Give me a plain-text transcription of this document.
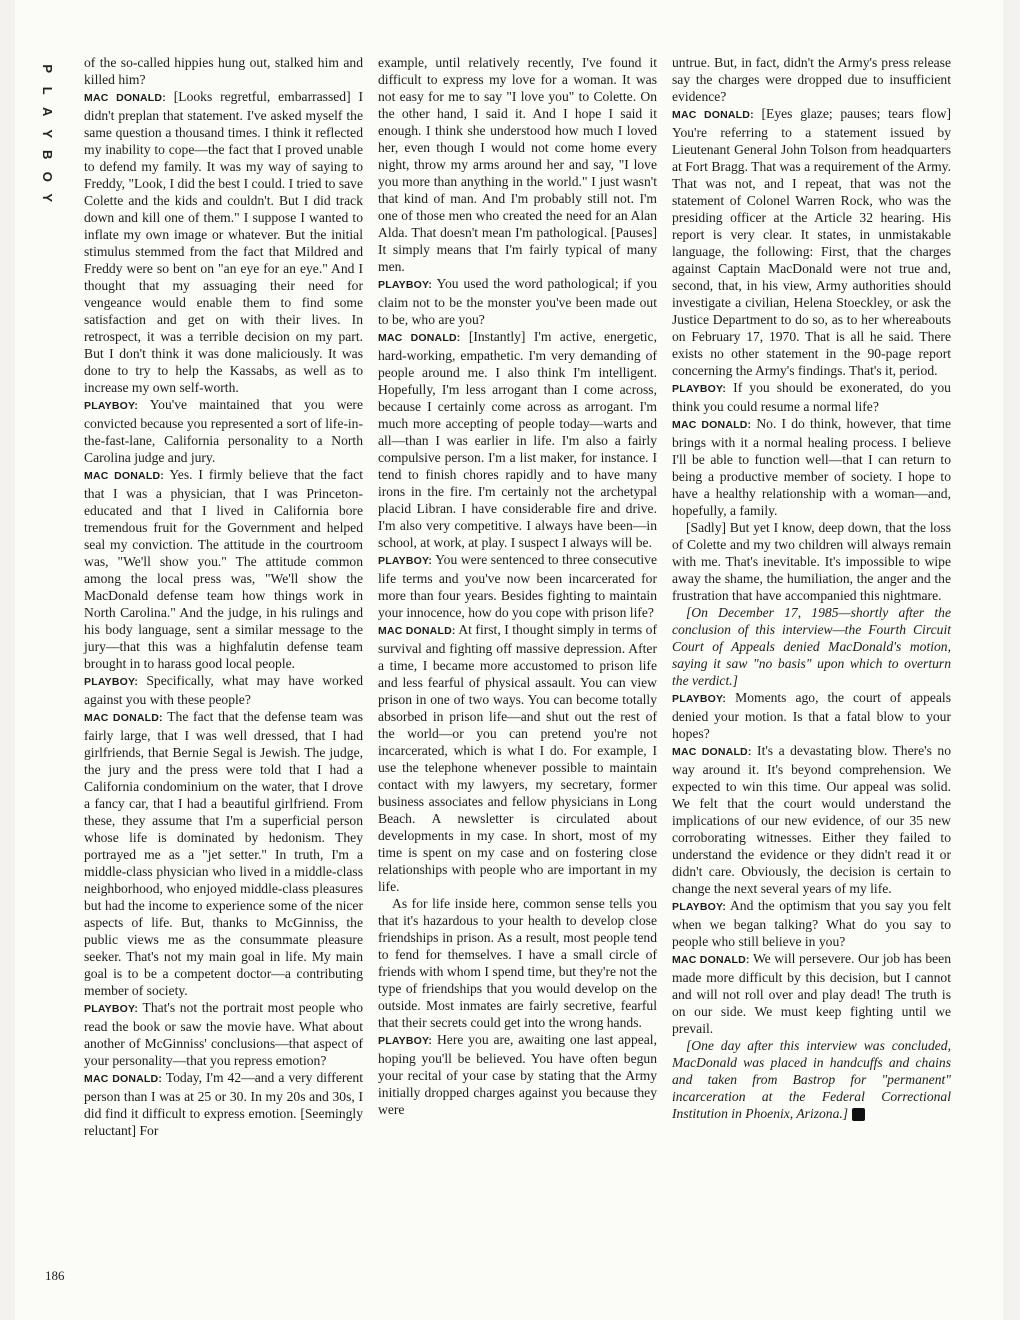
P
L
A
Y
B
O
Y

of the so-called hippies hung out, stalked him and killed him?

MAC DONALD: [Looks regretful, embarrassed] I didn't preplan that statement. I've asked myself the same question a thousand times. I think it reflected my inability to cope—the fact that I proved unable to defend my family. It was my way of saying to Freddy, "Look, I did the best I could. I tried to save Colette and the kids and couldn't. But I did track down and kill one of them." I suppose I wanted to inflate my own image or whatever. But the initial stimulus stemmed from the fact that Mildred and Freddy were so bent on "an eye for an eye." And I thought that my assuaging their need for vengeance would enable them to find some satisfaction and get on with their lives. In retrospect, it was a terrible decision on my part. But I don't think it was done maliciously. It was done to try to help the Kassabs, as well as to increase my own self-worth.

PLAYBOY: You've maintained that you were convicted because you represented a sort of life-in-the-fast-lane, California personality to a North Carolina judge and jury.

MAC DONALD: Yes. I firmly believe that the fact that I was a physician, that I was Princeton-educated and that I lived in California bore tremendous fruit for the Government and helped seal my conviction. The attitude in the courtroom was, "We'll show you." The attitude common among the local press was, "We'll show the MacDonald defense team how things work in North Carolina." And the judge, in his rulings and his body language, sent a similar message to the jury—that this was a highfalutin defense team brought in to harass good local people.

PLAYBOY: Specifically, what may have worked against you with these people?

MAC DONALD: The fact that the defense team was fairly large, that I was well dressed, that I had girlfriends, that Bernie Segal is Jewish. The judge, the jury and the press were told that I had a California condominium on the water, that I drove a fancy car, that I had a beautiful girlfriend. From these, they assume that I'm a superficial person whose life is dominated by hedonism. They portrayed me as a "jet setter." In truth, I'm a middle-class physician who lived in a middle-class neighborhood, who enjoyed middle-class pleasures but had the income to experience some of the nicer aspects of life. But, thanks to McGinniss, the public views me as the consummate pleasure seeker. That's not my main goal in life. My main goal is to be a competent doctor—a contributing member of society.

PLAYBOY: That's not the portrait most people who read the book or saw the movie have. What about another of McGinniss' conclusions—that aspect of your personality—that you repress emotion?

MAC DONALD: Today, I'm 42—and a very different person than I was at 25 or 30. In my 20s and 30s, I did find it difficult to express emotion. [Seemingly reluctant] For

example, until relatively recently, I've found it difficult to express my love for a woman. It was not easy for me to say "I love you" to Colette. On the other hand, I said it. And I hope I said it enough. I think she understood how much I loved her, even though I would not come home every night, throw my arms around her and say, "I love you more than anything in the world." I just wasn't that kind of man. And I'm probably still not. I'm one of those men who created the need for an Alan Alda. That doesn't mean I'm pathological. [Pauses] It simply means that I'm fairly typical of many men.

PLAYBOY: You used the word pathological; if you claim not to be the monster you've been made out to be, who are you?

MAC DONALD: [Instantly] I'm active, energetic, hard-working, empathetic. I'm very demanding of people around me. I also think I'm intelligent. Hopefully, I'm less arrogant than I come across, because I certainly come across as arrogant. I'm much more accepting of people today—warts and all—than I was earlier in life. I'm also a fairly compulsive person. I'm a list maker, for instance. I tend to finish chores rapidly and to have many irons in the fire. I'm certainly not the archetypal placid Libran. I have considerable fire and drive. I'm also very competitive. I always have been—in school, at work, at play. I suspect I always will be.

PLAYBOY: You were sentenced to three consecutive life terms and you've now been incarcerated for more than four years. Besides fighting to maintain your innocence, how do you cope with prison life?

MAC DONALD: At first, I thought simply in terms of survival and fighting off massive depression. After a time, I became more accustomed to prison life and less fearful of physical assault. You can view prison in one of two ways. You can become totally absorbed in prison life—and shut out the rest of the world—or you can pretend you're not incarcerated, which is what I do. For example, I use the telephone whenever possible to maintain contact with my lawyers, my secretary, former business associates and fellow physicians in Long Beach. A newsletter is circulated about developments in my case. In short, most of my time is spent on my case and on fostering close relationships with people who are important in my life.

As for life inside here, common sense tells you that it's hazardous to your health to develop close friendships in prison. As a result, most people tend to fend for themselves. I have a small circle of friends with whom I spend time, but they're not the type of friendships that you would develop on the outside. Most inmates are fairly secretive, fearful that their secrets could get into the wrong hands.

PLAYBOY: Here you are, awaiting one last appeal, hoping you'll be believed. You have often begun your recital of your case by stating that the Army initially dropped charges against you because they were

untrue. But, in fact, didn't the Army's press release say the charges were dropped due to insufficient evidence?

MAC DONALD: [Eyes glaze; pauses; tears flow] You're referring to a statement issued by Lieutenant General John Tolson from headquarters at Fort Bragg. That was a requirement of the Army. That was not, and I repeat, that was not the statement of Colonel Warren Rock, who was the presiding officer at the Article 32 hearing. His report is very clear. It states, in unmistakable language, the following: First, that the charges against Captain MacDonald were not true and, second, that, in his view, Army authorities should investigate a civilian, Helena Stoeckley, or ask the Justice Department to do so, as to her whereabouts on February 17, 1970. That is all he said. There exists no other statement in the 90-page report concerning the Army's findings. That's it, period.

PLAYBOY: If you should be exonerated, do you think you could resume a normal life?

MAC DONALD: No. I do think, however, that time brings with it a normal healing process. I believe I'll be able to function well—that I can return to being a productive member of society. I hope to have a healthy relationship with a woman—and, hopefully, a family.

[Sadly] But yet I know, deep down, that the loss of Colette and my two children will always remain with me. That's inevitable. It's impossible to wipe away the shame, the humiliation, the anger and the frustration that have accompanied this nightmare.

[On December 17, 1985—shortly after the conclusion of this interview—the Fourth Circuit Court of Appeals denied MacDonald's motion, saying it saw "no basis" upon which to overturn the verdict.]

PLAYBOY: Moments ago, the court of appeals denied your motion. Is that a fatal blow to your hopes?

MAC DONALD: It's a devastating blow. There's no way around it. It's beyond comprehension. We expected to win this time. Our appeal was solid. We felt that the court would understand the implications of our new evidence, of our 35 new corroborating witnesses. Either they failed to understand the evidence or they didn't read it or didn't care. Obviously, the decision is certain to change the next several years of my life.

PLAYBOY: And the optimism that you say you felt when we began talking? What do you say to people who still believe in you?

MAC DONALD: We will persevere. Our job has been made more difficult by this decision, but I cannot and will not roll over and play dead! The truth is on our side. We must keep fighting until we prevail.

[One day after this interview was concluded, MacDonald was placed in handcuffs and chains and taken from Bastrop for "permanent" incarceration at the Federal Correctional Institution in Phoenix, Arizona.] ✿

186
